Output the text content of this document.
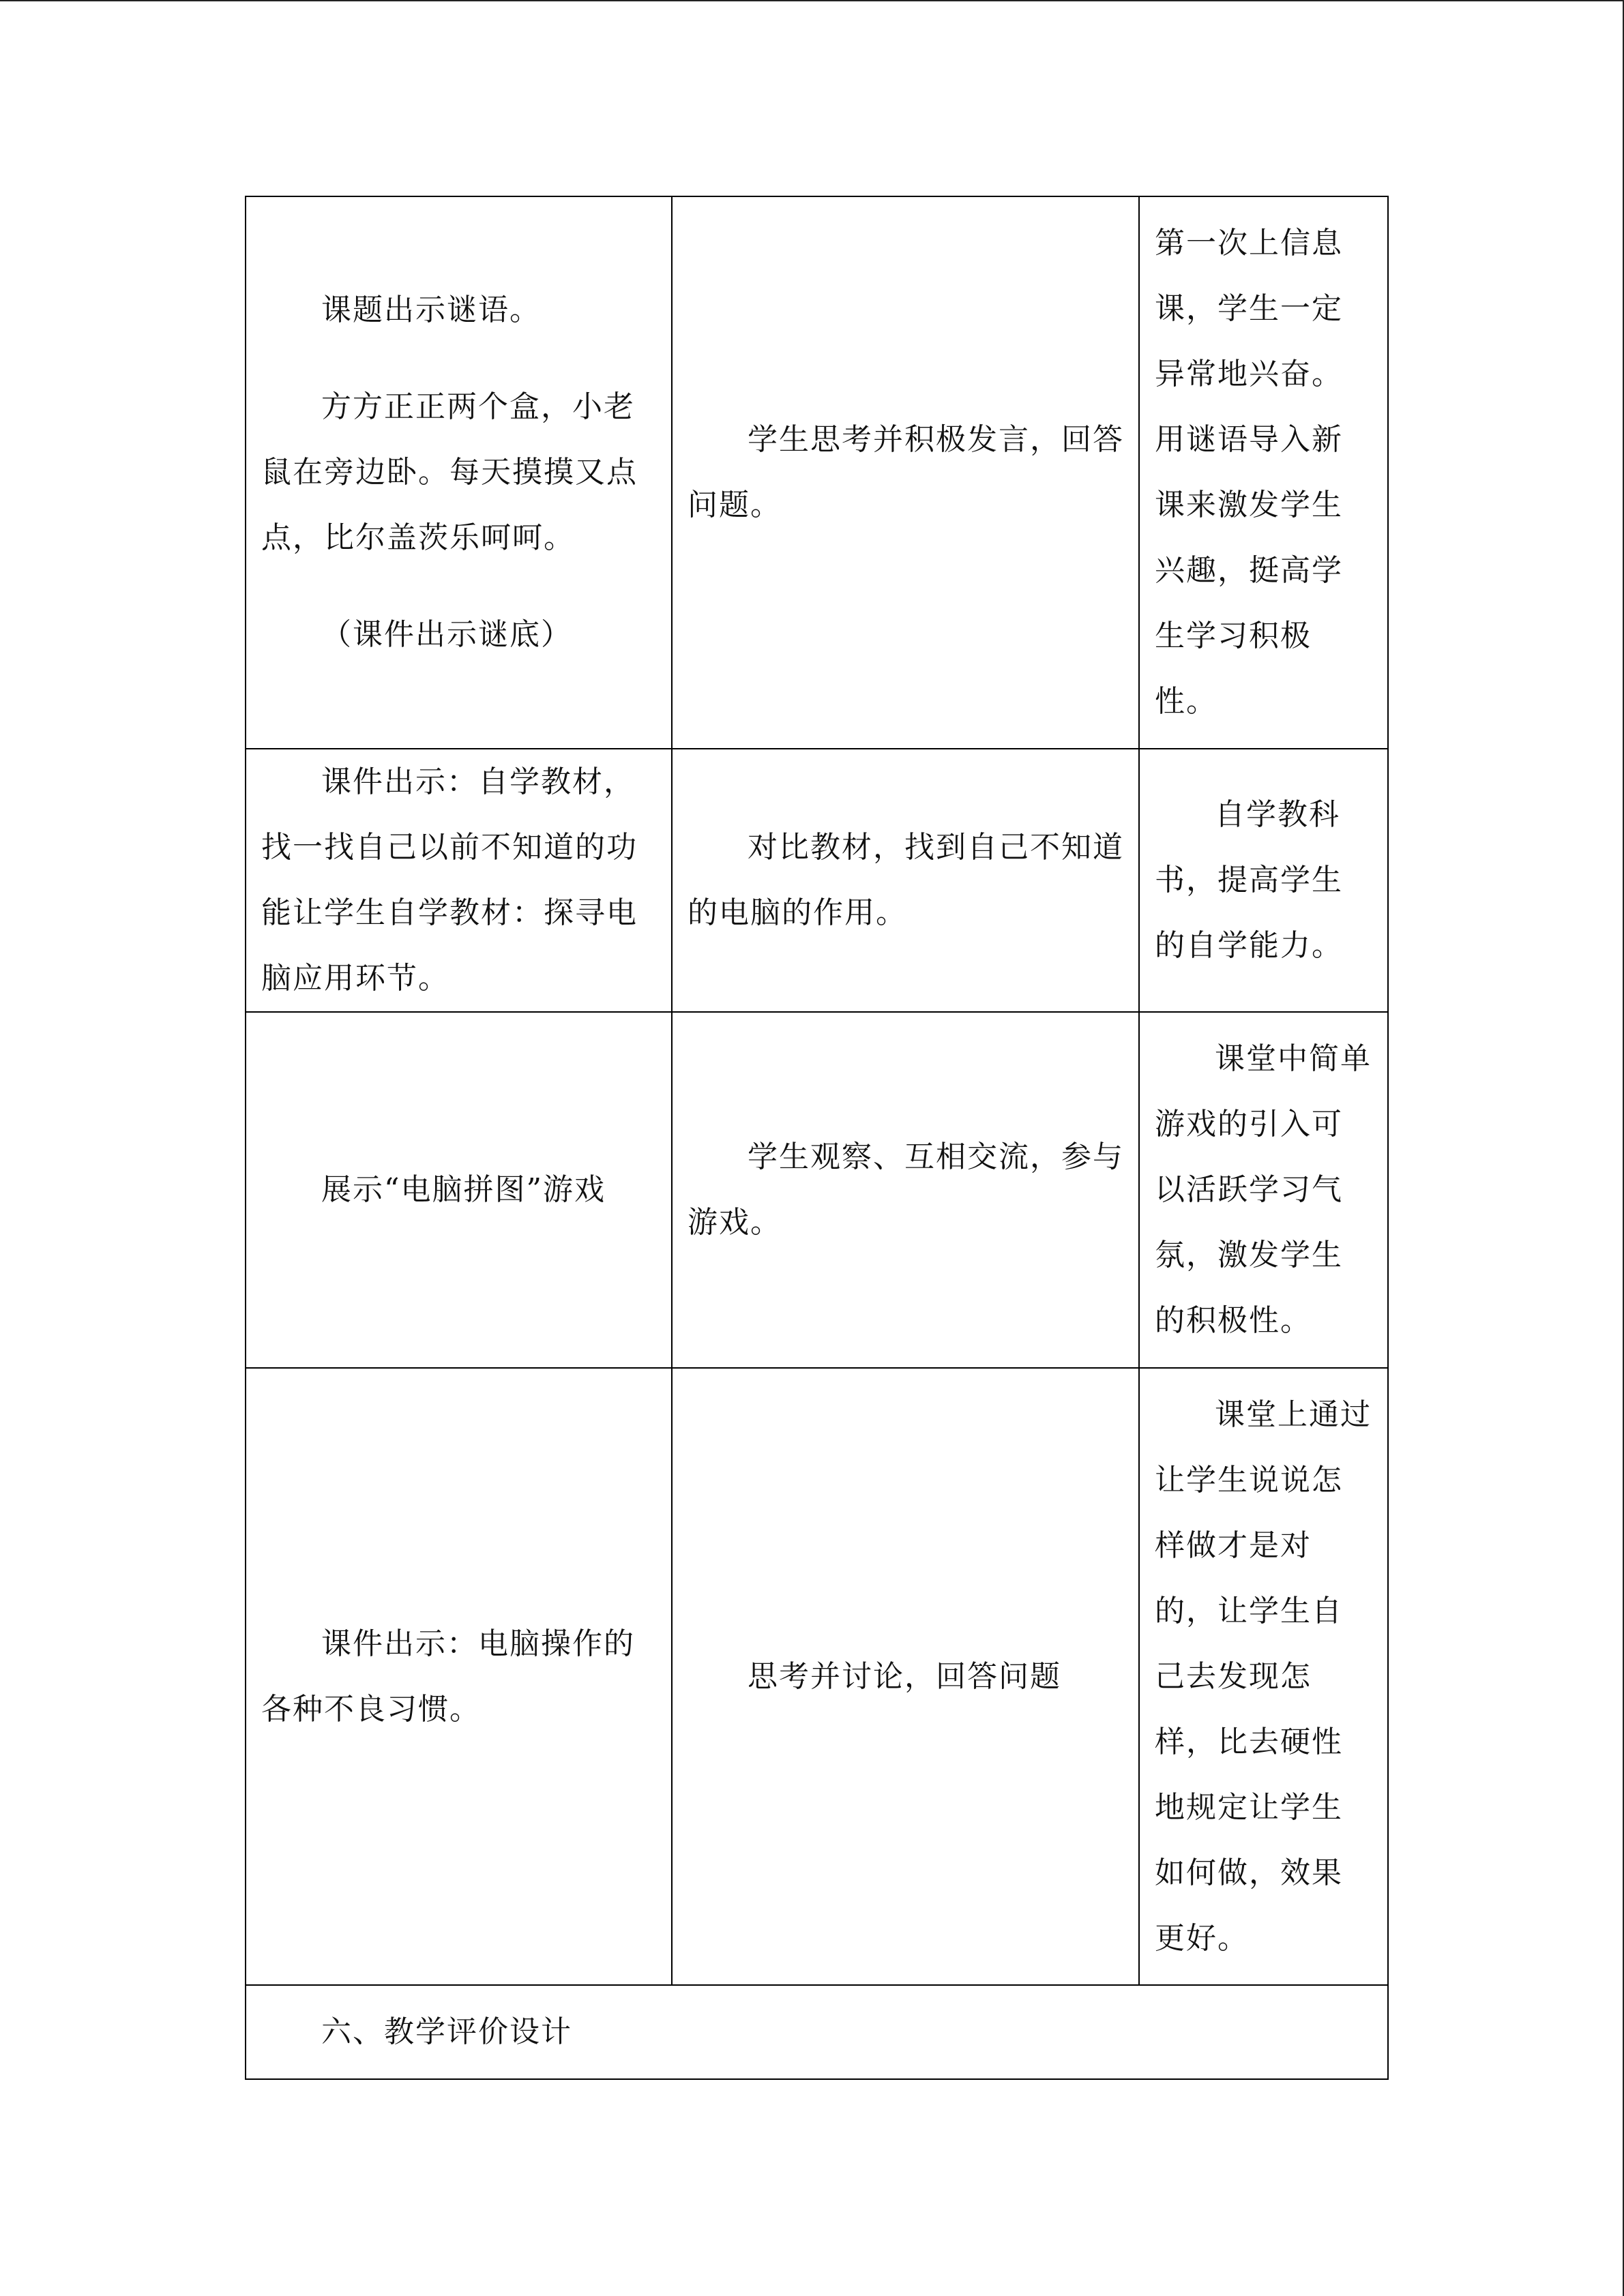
课题出示谜语。

方方正正两个盒，小老鼠在旁边卧。每天摸摸又点点，比尔盖茨乐呵呵。

（课件出示谜底）	学生思考并积极发言，回答问题。	第一次上信息课，学生一定异常地兴奋。用谜语导入新课来激发学生兴趣，挺高学生学习积极性。

课件出示：自学教材，找一找自己以前不知道的功能让学生自学教材：探寻电脑应用环节。	对比教材，找到自己不知道的电脑的作用。	自学教科书，提高学生的自学能力。

展示“电脑拼图”游戏	学生观察、互相交流，参与游戏。	课堂中简单游戏的引入可以活跃学习气氛，激发学生的积极性。

课件出示：电脑操作的各种不良习惯。	思考并讨论，回答问题	课堂上通过让学生说说怎样做才是对的，让学生自己去发现怎样，比去硬性地规定让学生如何做，效果更好。

六、教学评价设计		
